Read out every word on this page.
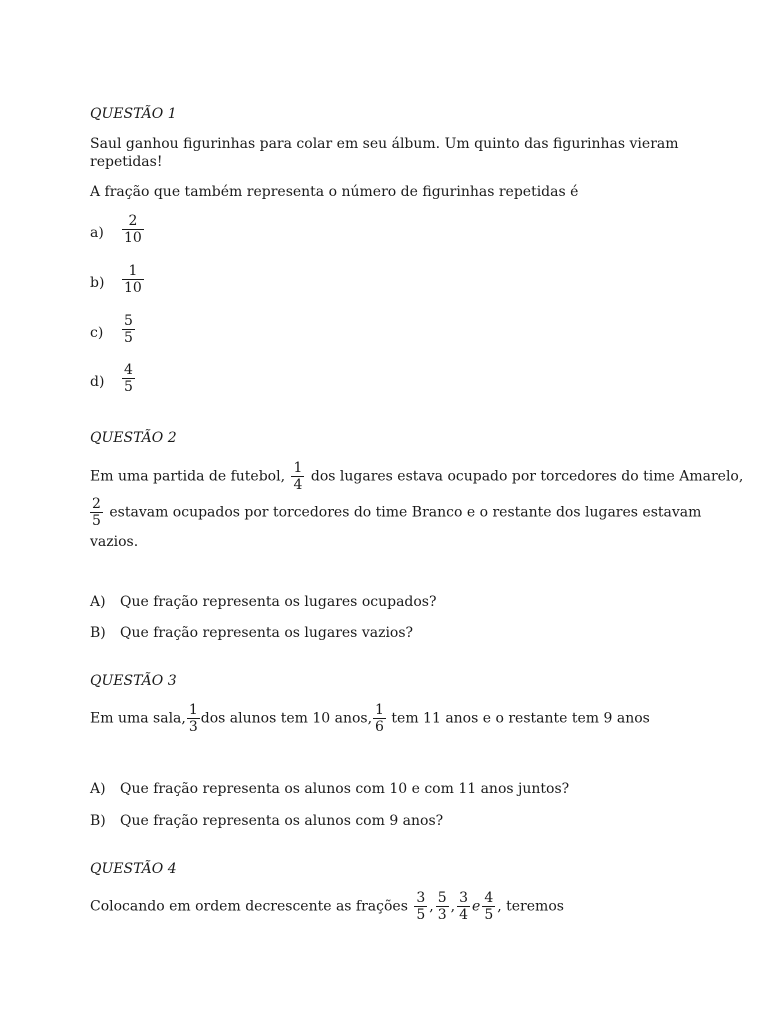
QUESTÃO 1
Saul ganhou figurinhas para colar em seu álbum. Um quinto das figurinhas vieram
repetidas!
A fração que também representa o número de figurinhas repetidas é
$a) \frac{2}{10}$
$b) \frac{1}{10}$
$c) \frac{5}{5}$
$d) \frac{4}{5}$
QUESTÃO 2
Em uma partida de futebol, $\frac{1}{4}$ dos lugares estava ocupado por torcedores do time Amarelo,
$\frac{2}{5}$ estavam ocupados por torcedores do time Branco e o restante dos lugares estavam
vazios.
A) Que fração representa os lugares ocupados?
B) Que fração representa os lugares vazios?
QUESTÃO 3
Em uma sala, $\frac{1}{3}$ dos alunos tem 10 anos, $\frac{1}{6}$ tem 11 anos e o restante tem 9 anos
A) Que fração representa os alunos com 10 e com 11 anos juntos?
B) Que fração representa os alunos com 9 anos?
QUESTÃO 4
Colocando em ordem decrescente as frações $\frac{3}{5}$ , $\frac{5}{3}$ , $\frac{3}{4}$ e $\frac{4}{5}$ , teremos
